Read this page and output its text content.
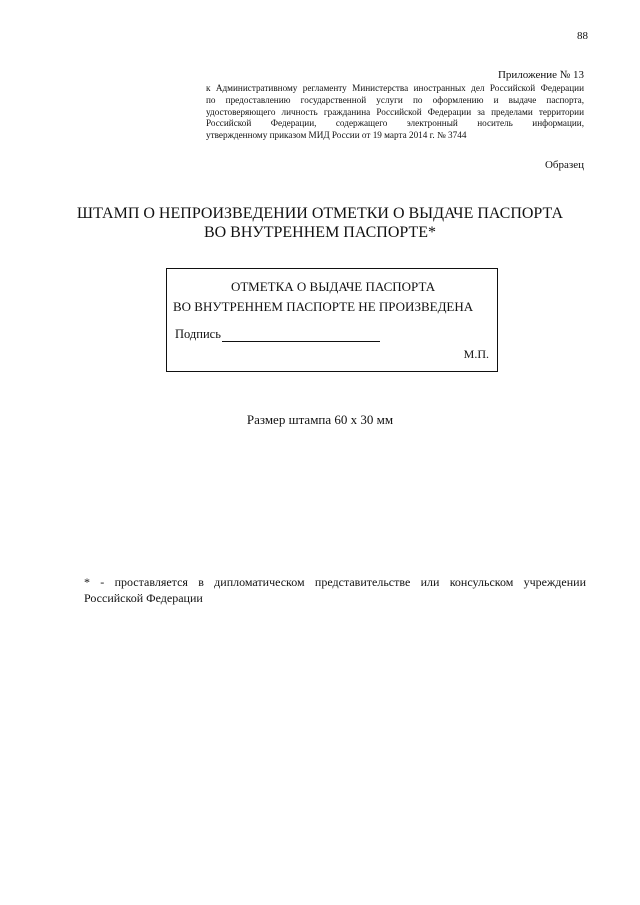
88
Приложение № 13
к Административному регламенту Министерства иностранных дел Российской Федерации
по предоставлению государственной услуги по оформлению и выдаче паспорта,
удостоверяющего личность гражданина Российской Федерации за пределами территории
Российской Федерации, содержащего электронный носитель информации,
утвержденному приказом МИД России от 19 марта 2014 г. № 3744
Образец
ШТАМП О НЕПРОИЗВЕДЕНИИ ОТМЕТКИ О ВЫДАЧЕ ПАСПОРТА
ВО ВНУТРЕННЕМ ПАСПОРТЕ*
ОТМЕТКА О ВЫДАЧЕ ПАСПОРТА
ВО ВНУТРЕННЕМ ПАСПОРТЕ НЕ ПРОИЗВЕДЕНА
Подпись
М.П.
Размер штампа 60 х 30 мм
* - проставляется в дипломатическом представительстве или консульском учреждении
Российской Федерации
